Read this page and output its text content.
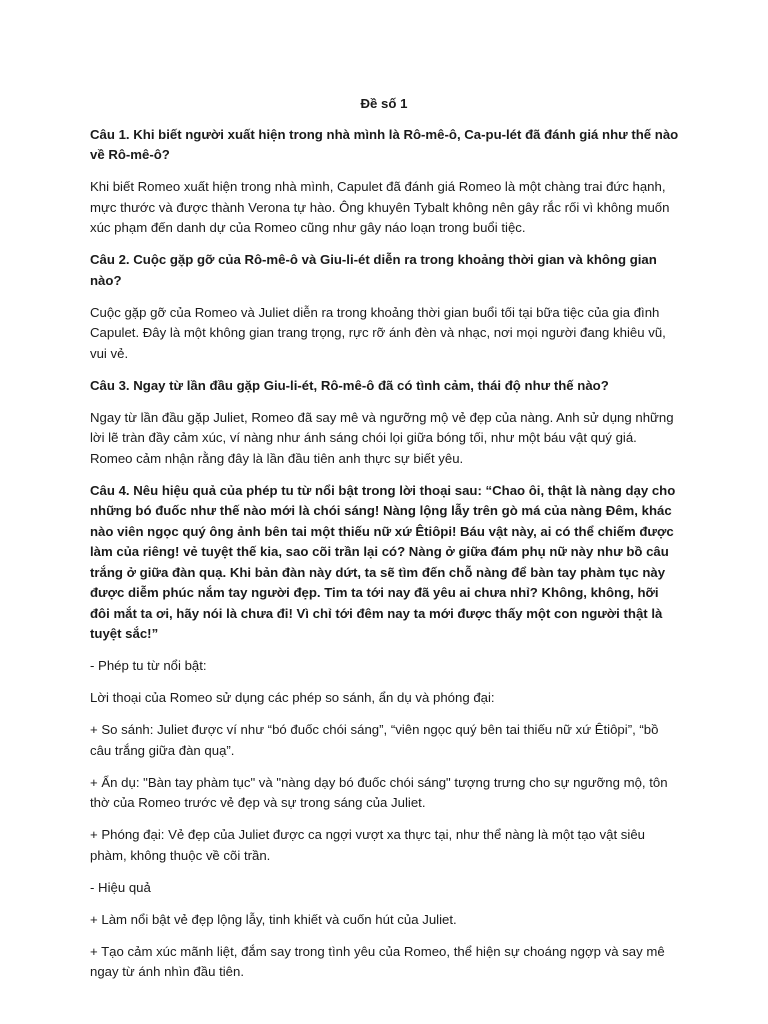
Đề số 1

Câu 1. Khi biết người xuất hiện trong nhà mình là Rô-mê-ô, Ca-pu-lét đã đánh giá như thế nào về Rô-mê-ô?

Khi biết Romeo xuất hiện trong nhà mình, Capulet đã đánh giá Romeo là một chàng trai đức hạnh, mực thước và được thành Verona tự hào. Ông khuyên Tybalt không nên gây rắc rối vì không muốn xúc phạm đến danh dự của Romeo cũng như gây náo loạn trong buổi tiệc.

Câu 2. Cuộc gặp gỡ của Rô-mê-ô và Giu-li-ét diễn ra trong khoảng thời gian và không gian nào?

Cuộc gặp gỡ của Romeo và Juliet diễn ra trong khoảng thời gian buổi tối tại bữa tiệc của gia đình Capulet. Đây là một không gian trang trọng, rực rỡ ánh đèn và nhạc, nơi mọi người đang khiêu vũ, vui vẻ.

Câu 3. Ngay từ lần đầu gặp Giu-li-ét, Rô-mê-ô đã có tình cảm, thái độ như thế nào?

Ngay từ lần đầu gặp Juliet, Romeo đã say mê và ngưỡng mộ vẻ đẹp của nàng. Anh sử dụng những lời lẽ tràn đầy cảm xúc, ví nàng như ánh sáng chói lọi giữa bóng tối, như một báu vật quý giá. Romeo cảm nhận rằng đây là lần đầu tiên anh thực sự biết yêu.

Câu 4. Nêu hiệu quả của phép tu từ nổi bật trong lời thoại sau: “Chao ôi, thật là nàng dạy cho những bó đuốc như thế nào mới là chói sáng! Nàng lộng lẫy trên gò má của nàng Đêm, khác nào viên ngọc quý ông ảnh bên tai một thiếu nữ xứ Êtiôpi! Báu vật này, ai có thể chiếm được làm của riêng! vẻ tuyệt thế kia, sao cõi trần lại có? Nàng ở giữa đám phụ nữ này như bồ câu trắng ở giữa đàn quạ. Khi bản đàn này dứt, ta sẽ tìm đến chỗ nàng để bàn tay phàm tục này được diễm phúc nắm tay người đẹp. Tim ta tới nay đã yêu ai chưa nhỉ? Không, không, hỡi đôi mắt ta ơi, hãy nói là chưa đi! Vì chỉ tới đêm nay ta mới được thấy một con người thật là tuyệt sắc!”

- Phép tu từ nổi bật:

Lời thoại của Romeo sử dụng các phép so sánh, ẩn dụ và phóng đại:

+ So sánh: Juliet được ví như “bó đuốc chói sáng”, “viên ngọc quý bên tai thiếu nữ xứ Êtiôpi”, “bồ câu trắng giữa đàn quạ”.

+ Ẩn dụ: "Bàn tay phàm tục" và "nàng dạy bó đuốc chói sáng" tượng trưng cho sự ngưỡng mộ, tôn thờ của Romeo trước vẻ đẹp và sự trong sáng của Juliet.

+ Phóng đại: Vẻ đẹp của Juliet được ca ngợi vượt xa thực tại, như thể nàng là một tạo vật siêu phàm, không thuộc về cõi trần.

- Hiệu quả

+ Làm nổi bật vẻ đẹp lộng lẫy, tinh khiết và cuốn hút của Juliet.

+ Tạo cảm xúc mãnh liệt, đắm say trong tình yêu của Romeo, thể hiện sự choáng ngợp và say mê ngay từ ánh nhìn đầu tiên.
